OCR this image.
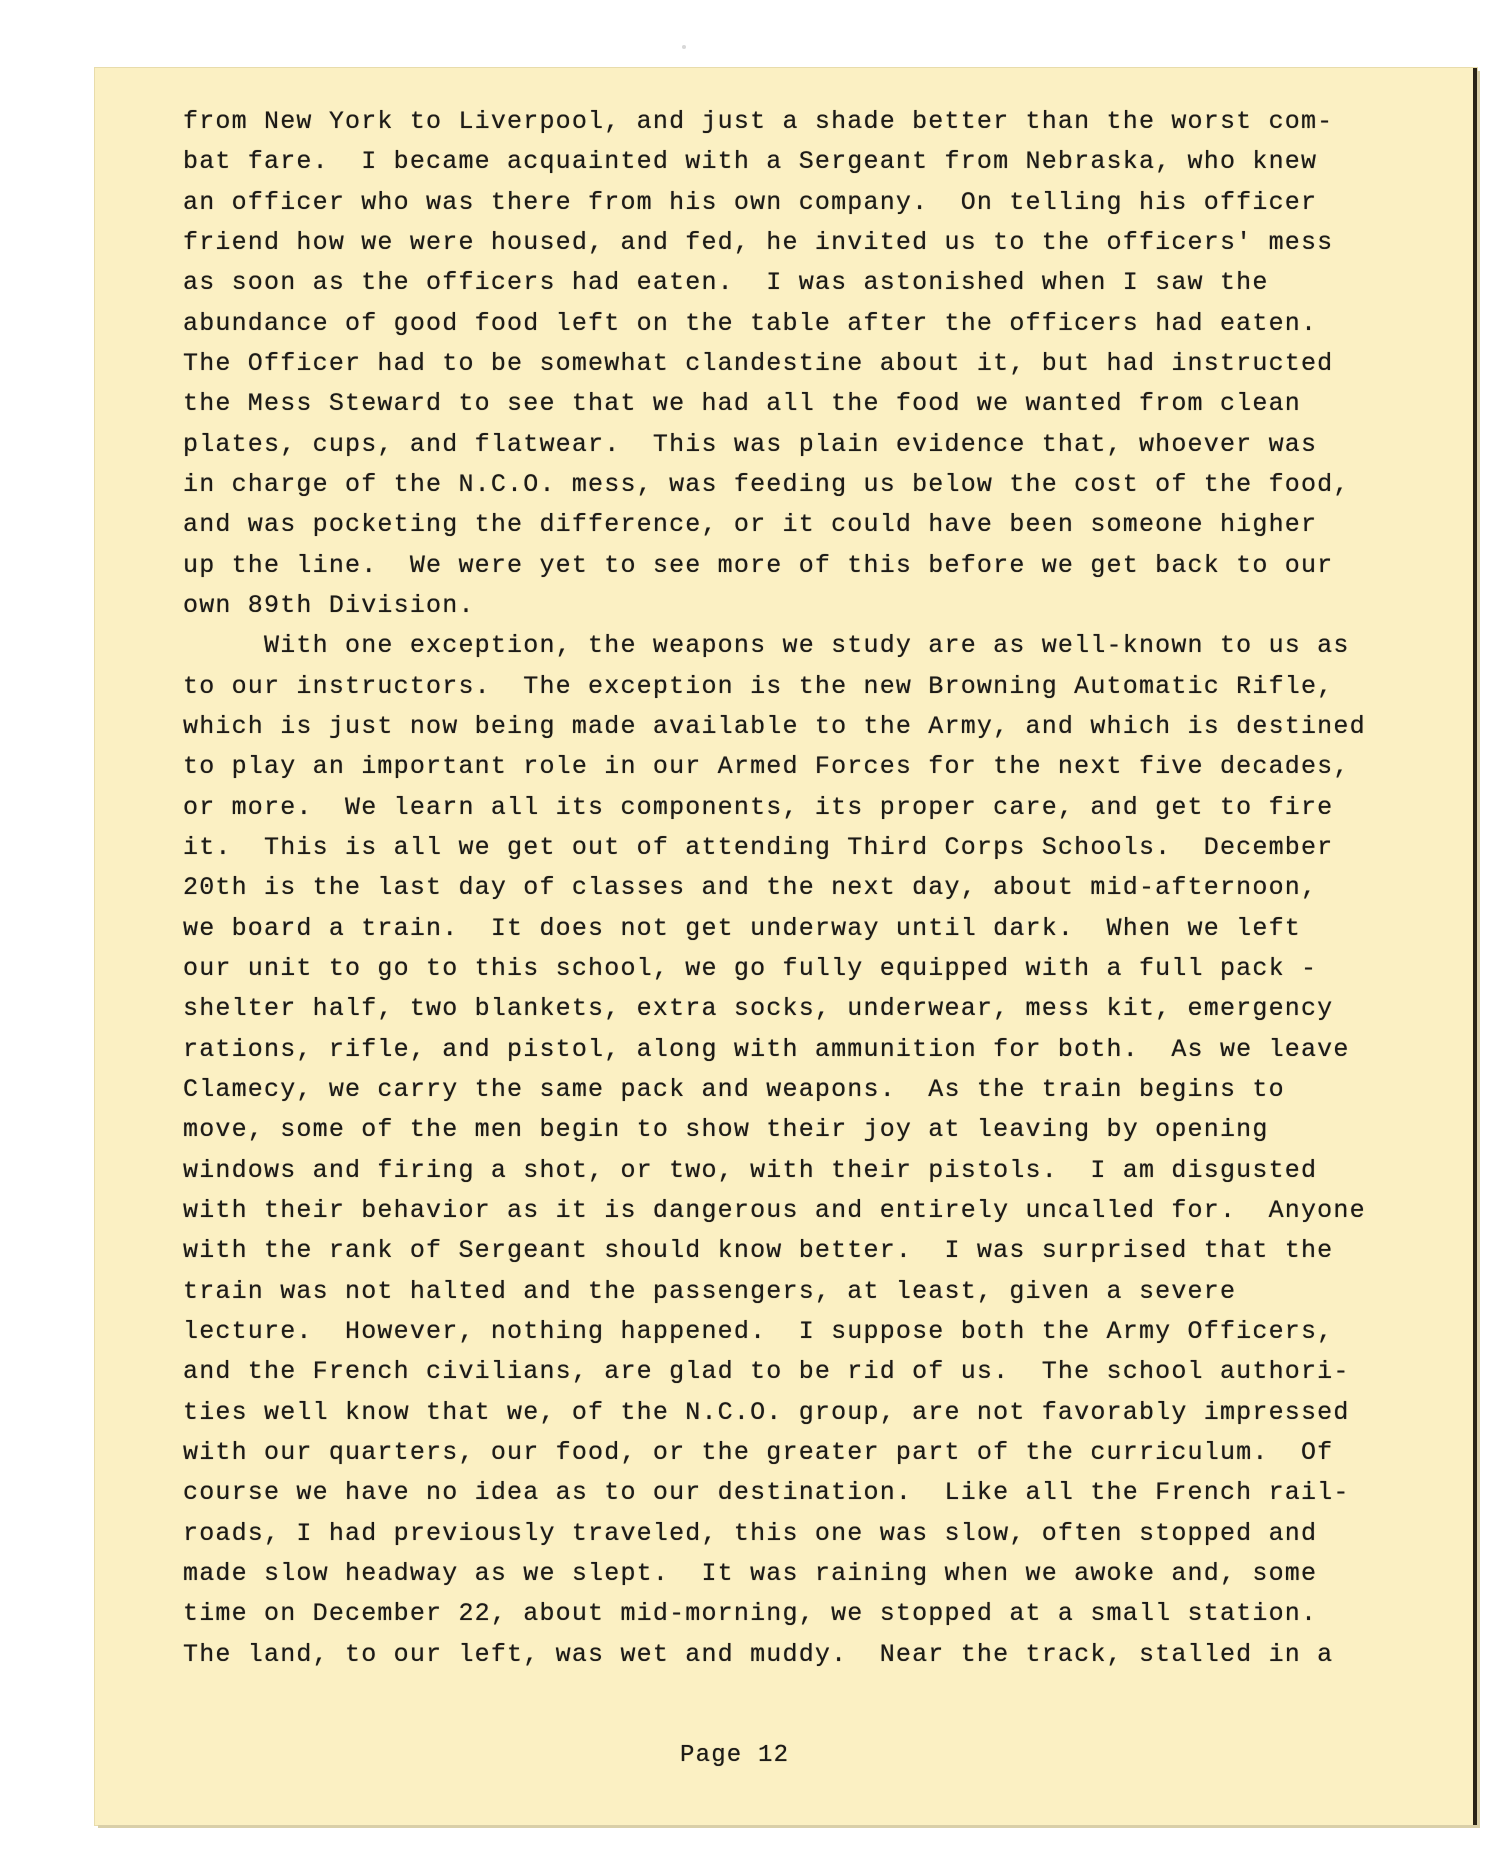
from New York to Liverpool, and just a shade better than the worst com-
bat fare.  I became acquainted with a Sergeant from Nebraska, who knew
an officer who was there from his own company.  On telling his officer
friend how we were housed, and fed, he invited us to the officers' mess
as soon as the officers had eaten.  I was astonished when I saw the
abundance of good food left on the table after the officers had eaten.
The Officer had to be somewhat clandestine about it, but had instructed
the Mess Steward to see that we had all the food we wanted from clean
plates, cups, and flatwear.  This was plain evidence that, whoever was
in charge of the N.C.O. mess, was feeding us below the cost of the food,
and was pocketing the difference, or it could have been someone higher
up the line.  We were yet to see more of this before we get back to our
own 89th Division.
With one exception, the weapons we study are as well-known to us as
to our instructors.  The exception is the new Browning Automatic Rifle,
which is just now being made available to the Army, and which is destined
to play an important role in our Armed Forces for the next five decades,
or more.  We learn all its components, its proper care, and get to fire
it.  This is all we get out of attending Third Corps Schools.  December
20th is the last day of classes and the next day, about mid-afternoon,
we board a train.  It does not get underway until dark.  When we left
our unit to go to this school, we go fully equipped with a full pack -
shelter half, two blankets, extra socks, underwear, mess kit, emergency
rations, rifle, and pistol, along with ammunition for both.  As we leave
Clamecy, we carry the same pack and weapons.  As the train begins to
move, some of the men begin to show their joy at leaving by opening
windows and firing a shot, or two, with their pistols.  I am disgusted
with their behavior as it is dangerous and entirely uncalled for.  Anyone
with the rank of Sergeant should know better.  I was surprised that the
train was not halted and the passengers, at least, given a severe
lecture.  However, nothing happened.  I suppose both the Army Officers,
and the French civilians, are glad to be rid of us.  The school authori-
ties well know that we, of the N.C.O. group, are not favorably impressed
with our quarters, our food, or the greater part of the curriculum.  Of
course we have no idea as to our destination.  Like all the French rail-
roads, I had previously traveled, this one was slow, often stopped and
made slow headway as we slept.  It was raining when we awoke and, some
time on December 22, about mid-morning, we stopped at a small station.
The land, to our left, was wet and muddy.  Near the track, stalled in a
Page 12
